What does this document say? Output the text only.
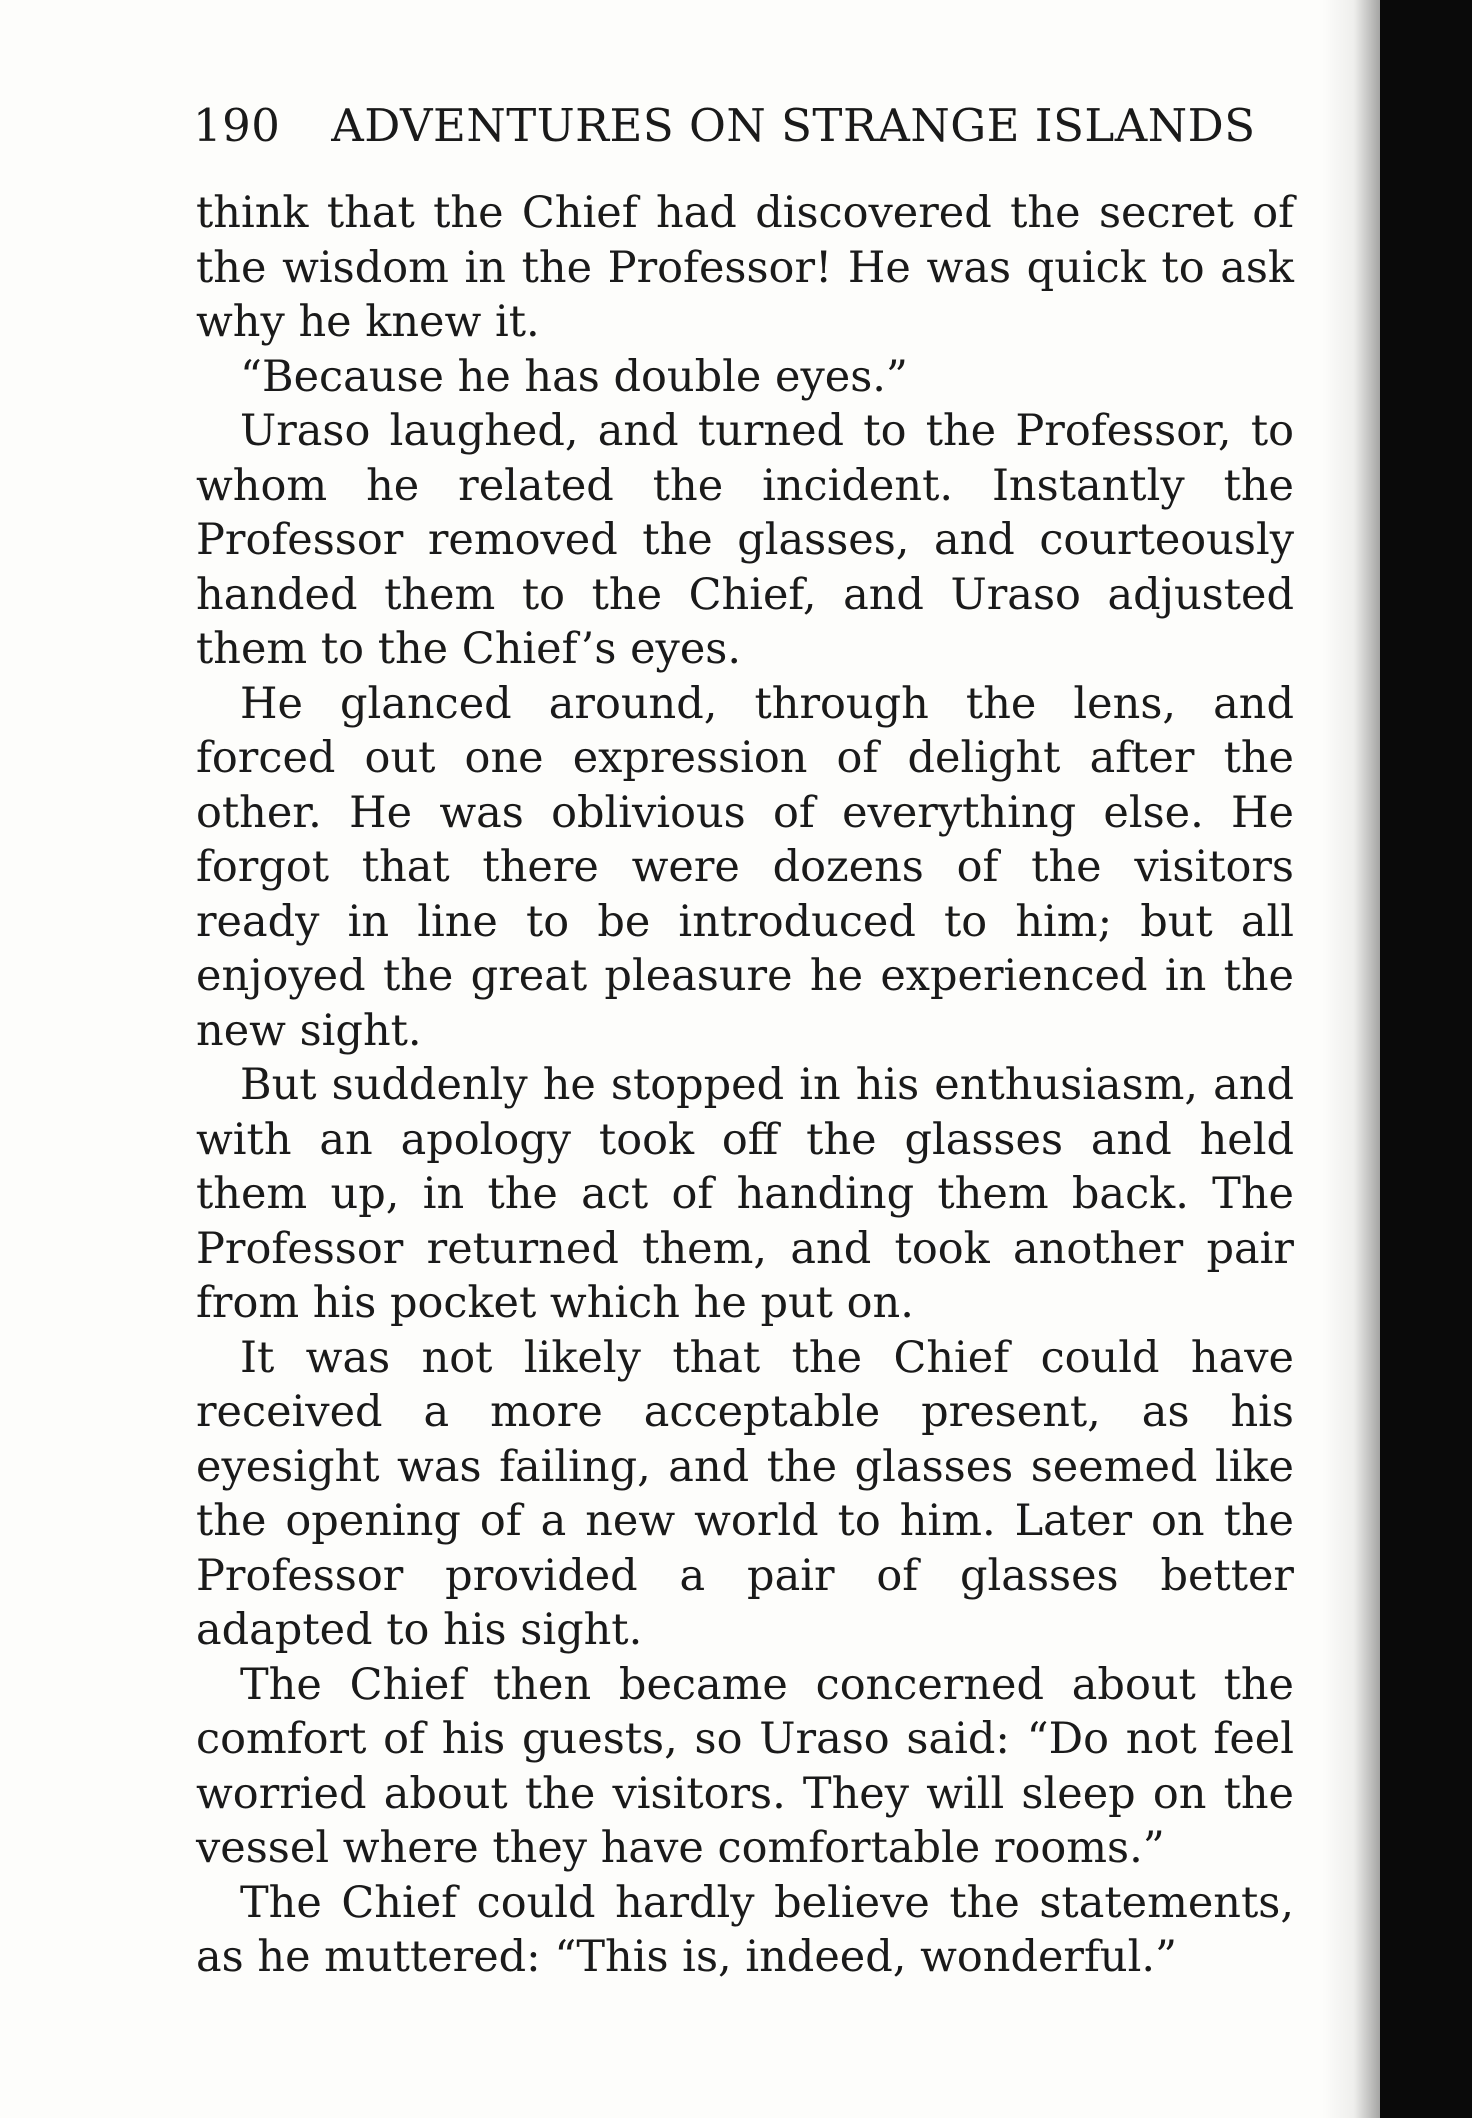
190 ADVENTURES ON STRANGE ISLANDS

think that the Chief had discovered the secret of the wisdom in the Professor! He was quick to ask why he knew it.

“Because he has double eyes.”

Uraso laughed, and turned to the Professor, to whom he related the incident. Instantly the Professor removed the glasses, and courteously handed them to the Chief, and Uraso adjusted them to the Chief’s eyes.

He glanced around, through the lens, and forced out one expression of delight after the other. He was oblivious of everything else. He forgot that there were dozens of the visitors ready in line to be introduced to him; but all enjoyed the great pleasure he experienced in the new sight.

But suddenly he stopped in his enthusiasm, and with an apology took off the glasses and held them up, in the act of handing them back. The Professor returned them, and took another pair from his pocket which he put on.

It was not likely that the Chief could have received a more acceptable present, as his eyesight was failing, and the glasses seemed like the opening of a new world to him. Later on the Professor provided a pair of glasses better adapted to his sight.

The Chief then became concerned about the comfort of his guests, so Uraso said: “Do not feel worried about the visitors. They will sleep on the vessel where they have comfortable rooms.”

The Chief could hardly believe the statements, as he muttered: “This is, indeed, wonderful.”
